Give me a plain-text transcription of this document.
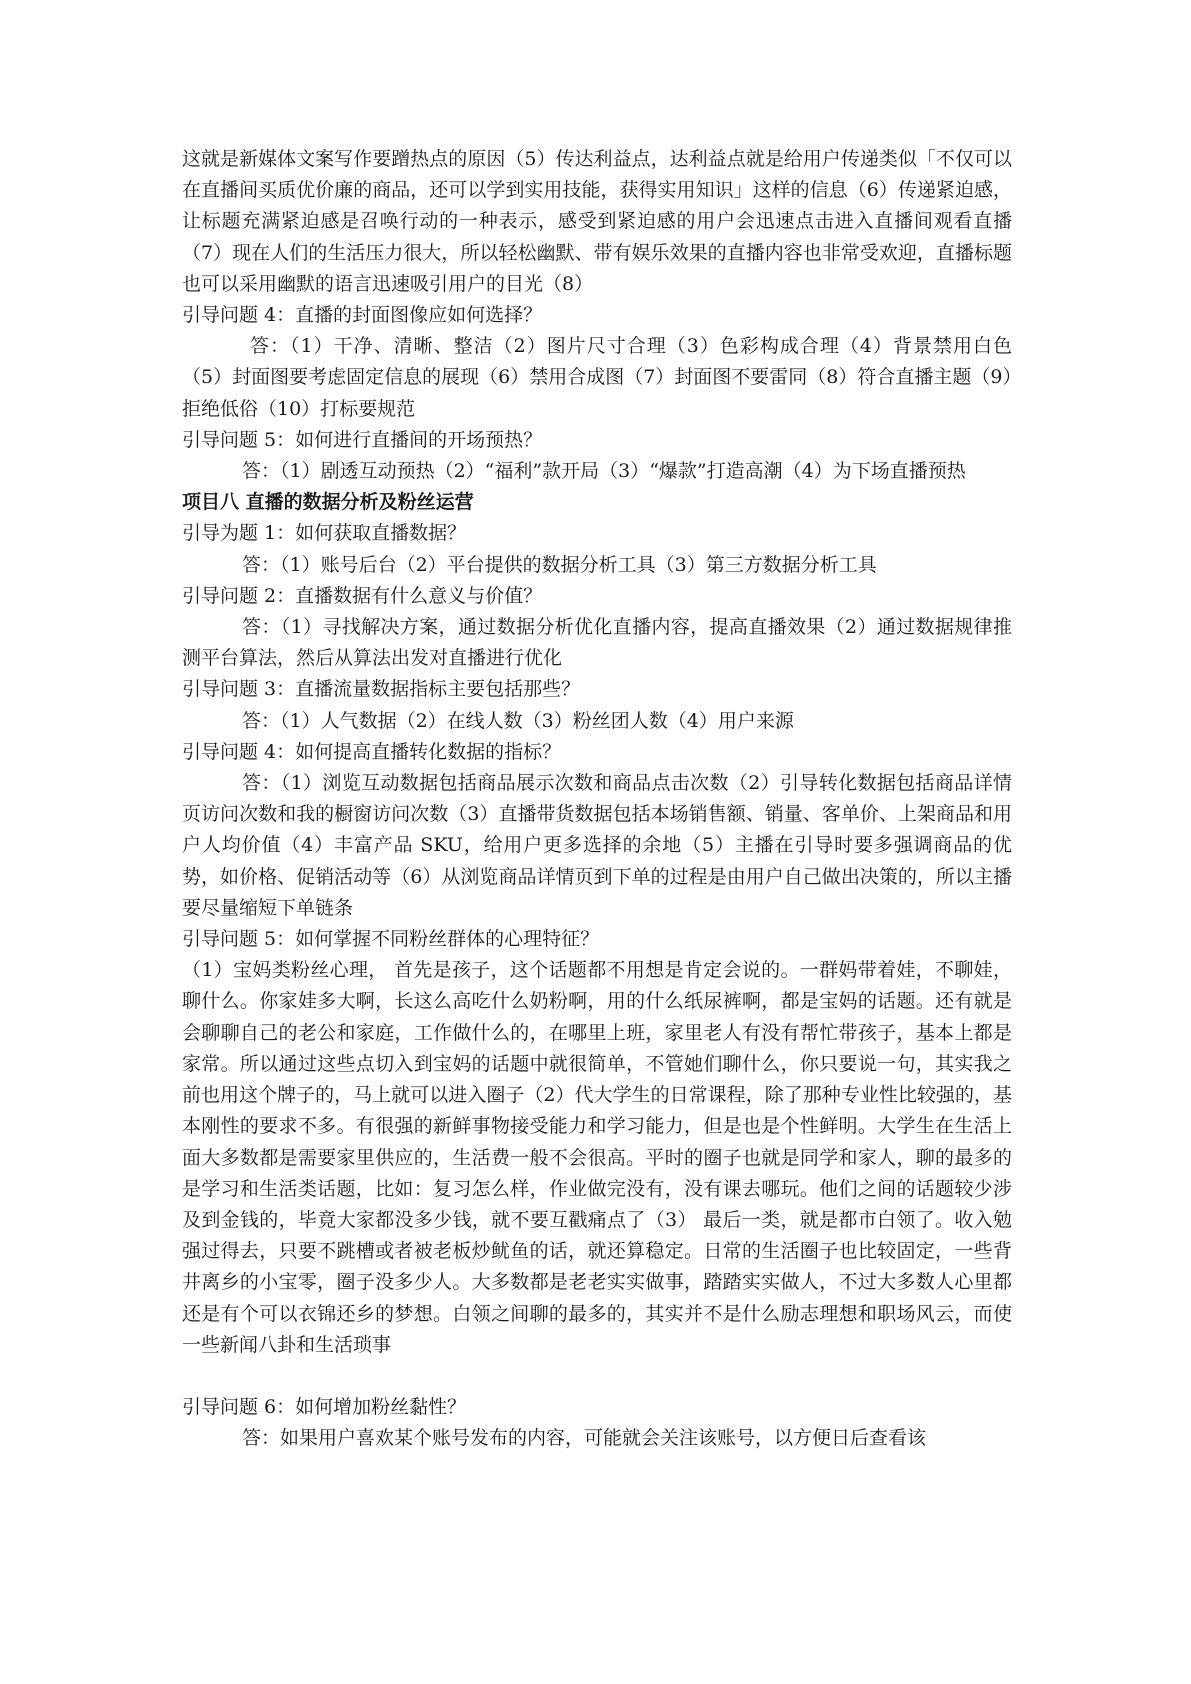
这就是新媒体文案写作要蹭热点的原因（5）传达利益点，达利益点就是给用户传递类似「不仅可以在直播间买质优价廉的商品，还可以学到实用技能，获得实用知识」这样的信息（6）传递紧迫感，让标题充满紧迫感是召唤行动的一种表示，感受到紧迫感的用户会迅速点击进入直播间观看直播（7）现在人们的生活压力很大，所以轻松幽默、带有娱乐效果的直播内容也非常受欢迎，直播标题也可以采用幽默的语言迅速吸引用户的目光（8）

引导问题 4：直播的封面图像应如何选择？

答：（1）干净、清晰、整洁（2）图片尺寸合理（3）色彩构成合理（4）背景禁用白色（5）封面图要考虑固定信息的展现（6）禁用合成图（7）封面图不要雷同（8）符合直播主题（9）拒绝低俗（10）打标要规范

引导问题 5：如何进行直播间的开场预热？

答：（1）剧透互动预热（2）“福利”款开局（3）“爆款”打造高潮（4）为下场直播预热

项目八 直播的数据分析及粉丝运营

引导为题 1：如何获取直播数据？

答：（1）账号后台（2）平台提供的数据分析工具（3）第三方数据分析工具

引导问题 2：直播数据有什么意义与价值？

答：（1）寻找解决方案，通过数据分析优化直播内容，提高直播效果（2）通过数据规律推测平台算法，然后从算法出发对直播进行优化

引导问题 3：直播流量数据指标主要包括那些？

答：（1）人气数据（2）在线人数（3）粉丝团人数（4）用户来源

引导问题 4：如何提高直播转化数据的指标？

答：（1）浏览互动数据包括商品展示次数和商品点击次数（2）引导转化数据包括商品详情页访问次数和我的橱窗访问次数（3）直播带货数据包括本场销售额、销量、客单价、上架商品和用户人均价值（4）丰富产品 SKU，给用户更多选择的余地（5）主播在引导时要多强调商品的优势，如价格、促销活动等（6）从浏览商品详情页到下单的过程是由用户自己做出决策的，所以主播要尽量缩短下单链条

引导问题 5：如何掌握不同粉丝群体的心理特征？

（1）宝妈类粉丝心理， 首先是孩子，这个话题都不用想是肯定会说的。一群妈带着娃，不聊娃，聊什么。你家娃多大啊，长这么高吃什么奶粉啊，用的什么纸尿裤啊，都是宝妈的话题。还有就是会聊聊自己的老公和家庭，工作做什么的，在哪里上班，家里老人有没有帮忙带孩子，基本上都是家常。所以通过这些点切入到宝妈的话题中就很简单，不管她们聊什么，你只要说一句，其实我之前也用这个牌子的，马上就可以进入圈子（2）代大学生的日常课程，除了那种专业性比较强的，基本刚性的要求不多。有很强的新鲜事物接受能力和学习能力，但是也是个性鲜明。大学生在生活上面大多数都是需要家里供应的，生活费一般不会很高。平时的圈子也就是同学和家人，聊的最多的是学习和生活类话题，比如：复习怎么样，作业做完没有，没有课去哪玩。他们之间的话题较少涉及到金钱的，毕竟大家都没多少钱，就不要互戳痛点了（3） 最后一类，就是都市白领了。收入勉强过得去，只要不跳槽或者被老板炒鱿鱼的话，就还算稳定。日常的生活圈子也比较固定，一些背井离乡的小宝零，圈子没多少人。大多数都是老老实实做事，踏踏实实做人，不过大多数人心里都还是有个可以衣锦还乡的梦想。白领之间聊的最多的，其实并不是什么励志理想和职场风云，而使一些新闻八卦和生活琐事

引导问题 6：如何增加粉丝黏性？

答：如果用户喜欢某个账号发布的内容，可能就会关注该账号，以方便日后查看该
